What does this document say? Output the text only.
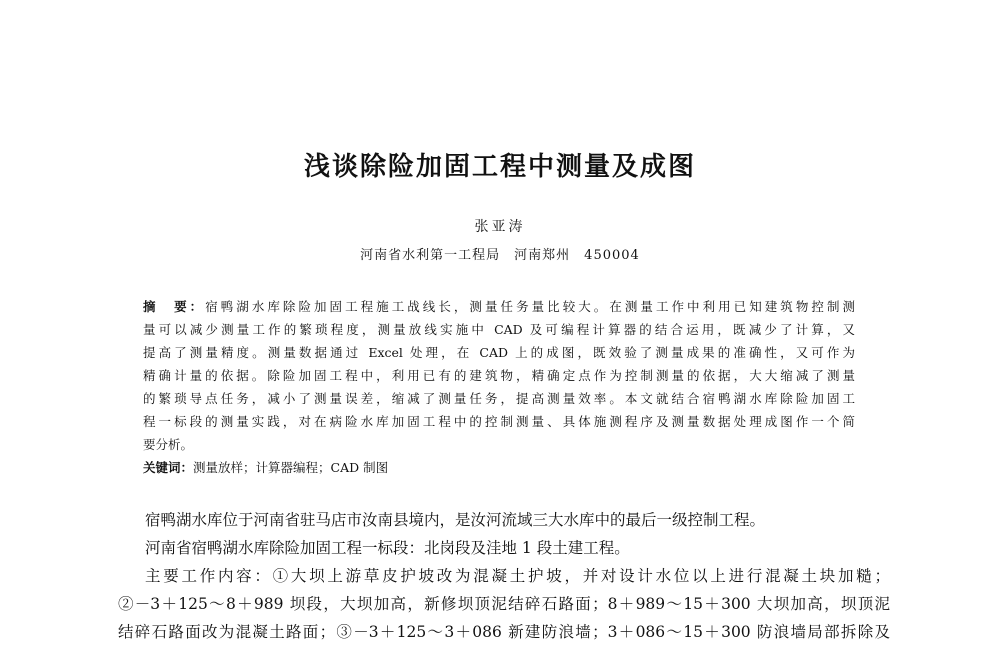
浅谈除险加固工程中测量及成图
张亚涛
河南省水利第一工程局　河南郑州　450004
摘　要：宿鸭湖水库除险加固工程施工战线长，测量任务量比较大。在测量工作中利用已知建筑物控制测
量可以减少测量工作的繁琐程度，测量放线实施中 CAD 及可编程计算器的结合运用，既减少了计算，又
提高了测量精度。测量数据通过 Excel 处理，在 CAD 上的成图，既效验了测量成果的准确性，又可作为
精确计量的依据。除险加固工程中，利用已有的建筑物，精确定点作为控制测量的依据，大大缩减了测量
的繁琐导点任务，减小了测量误差，缩减了测量任务，提高测量效率。本文就结合宿鸭湖水库除险加固工
程一标段的测量实践，对在病险水库加固工程中的控制测量、具体施测程序及测量数据处理成图作一个简
要分析。
关键词：测量放样；计算器编程；CAD 制图
宿鸭湖水库位于河南省驻马店市汝南县境内，是汝河流域三大水库中的最后一级控制工程。
河南省宿鸭湖水库除险加固工程一标段：北岗段及洼地 1 段土建工程。
主要工作内容：①大坝上游草皮护坡改为混凝土护坡，并对设计水位以上进行混凝土块加糙；
②－3＋125～8＋989 坝段，大坝加高，新修坝顶泥结碎石路面；8＋989～15＋300 大坝加高，坝顶泥
结碎石路面改为混凝土路面；③－3＋125～3＋086 新建防浪墙；3＋086～15＋300 防浪墙局部拆除及
